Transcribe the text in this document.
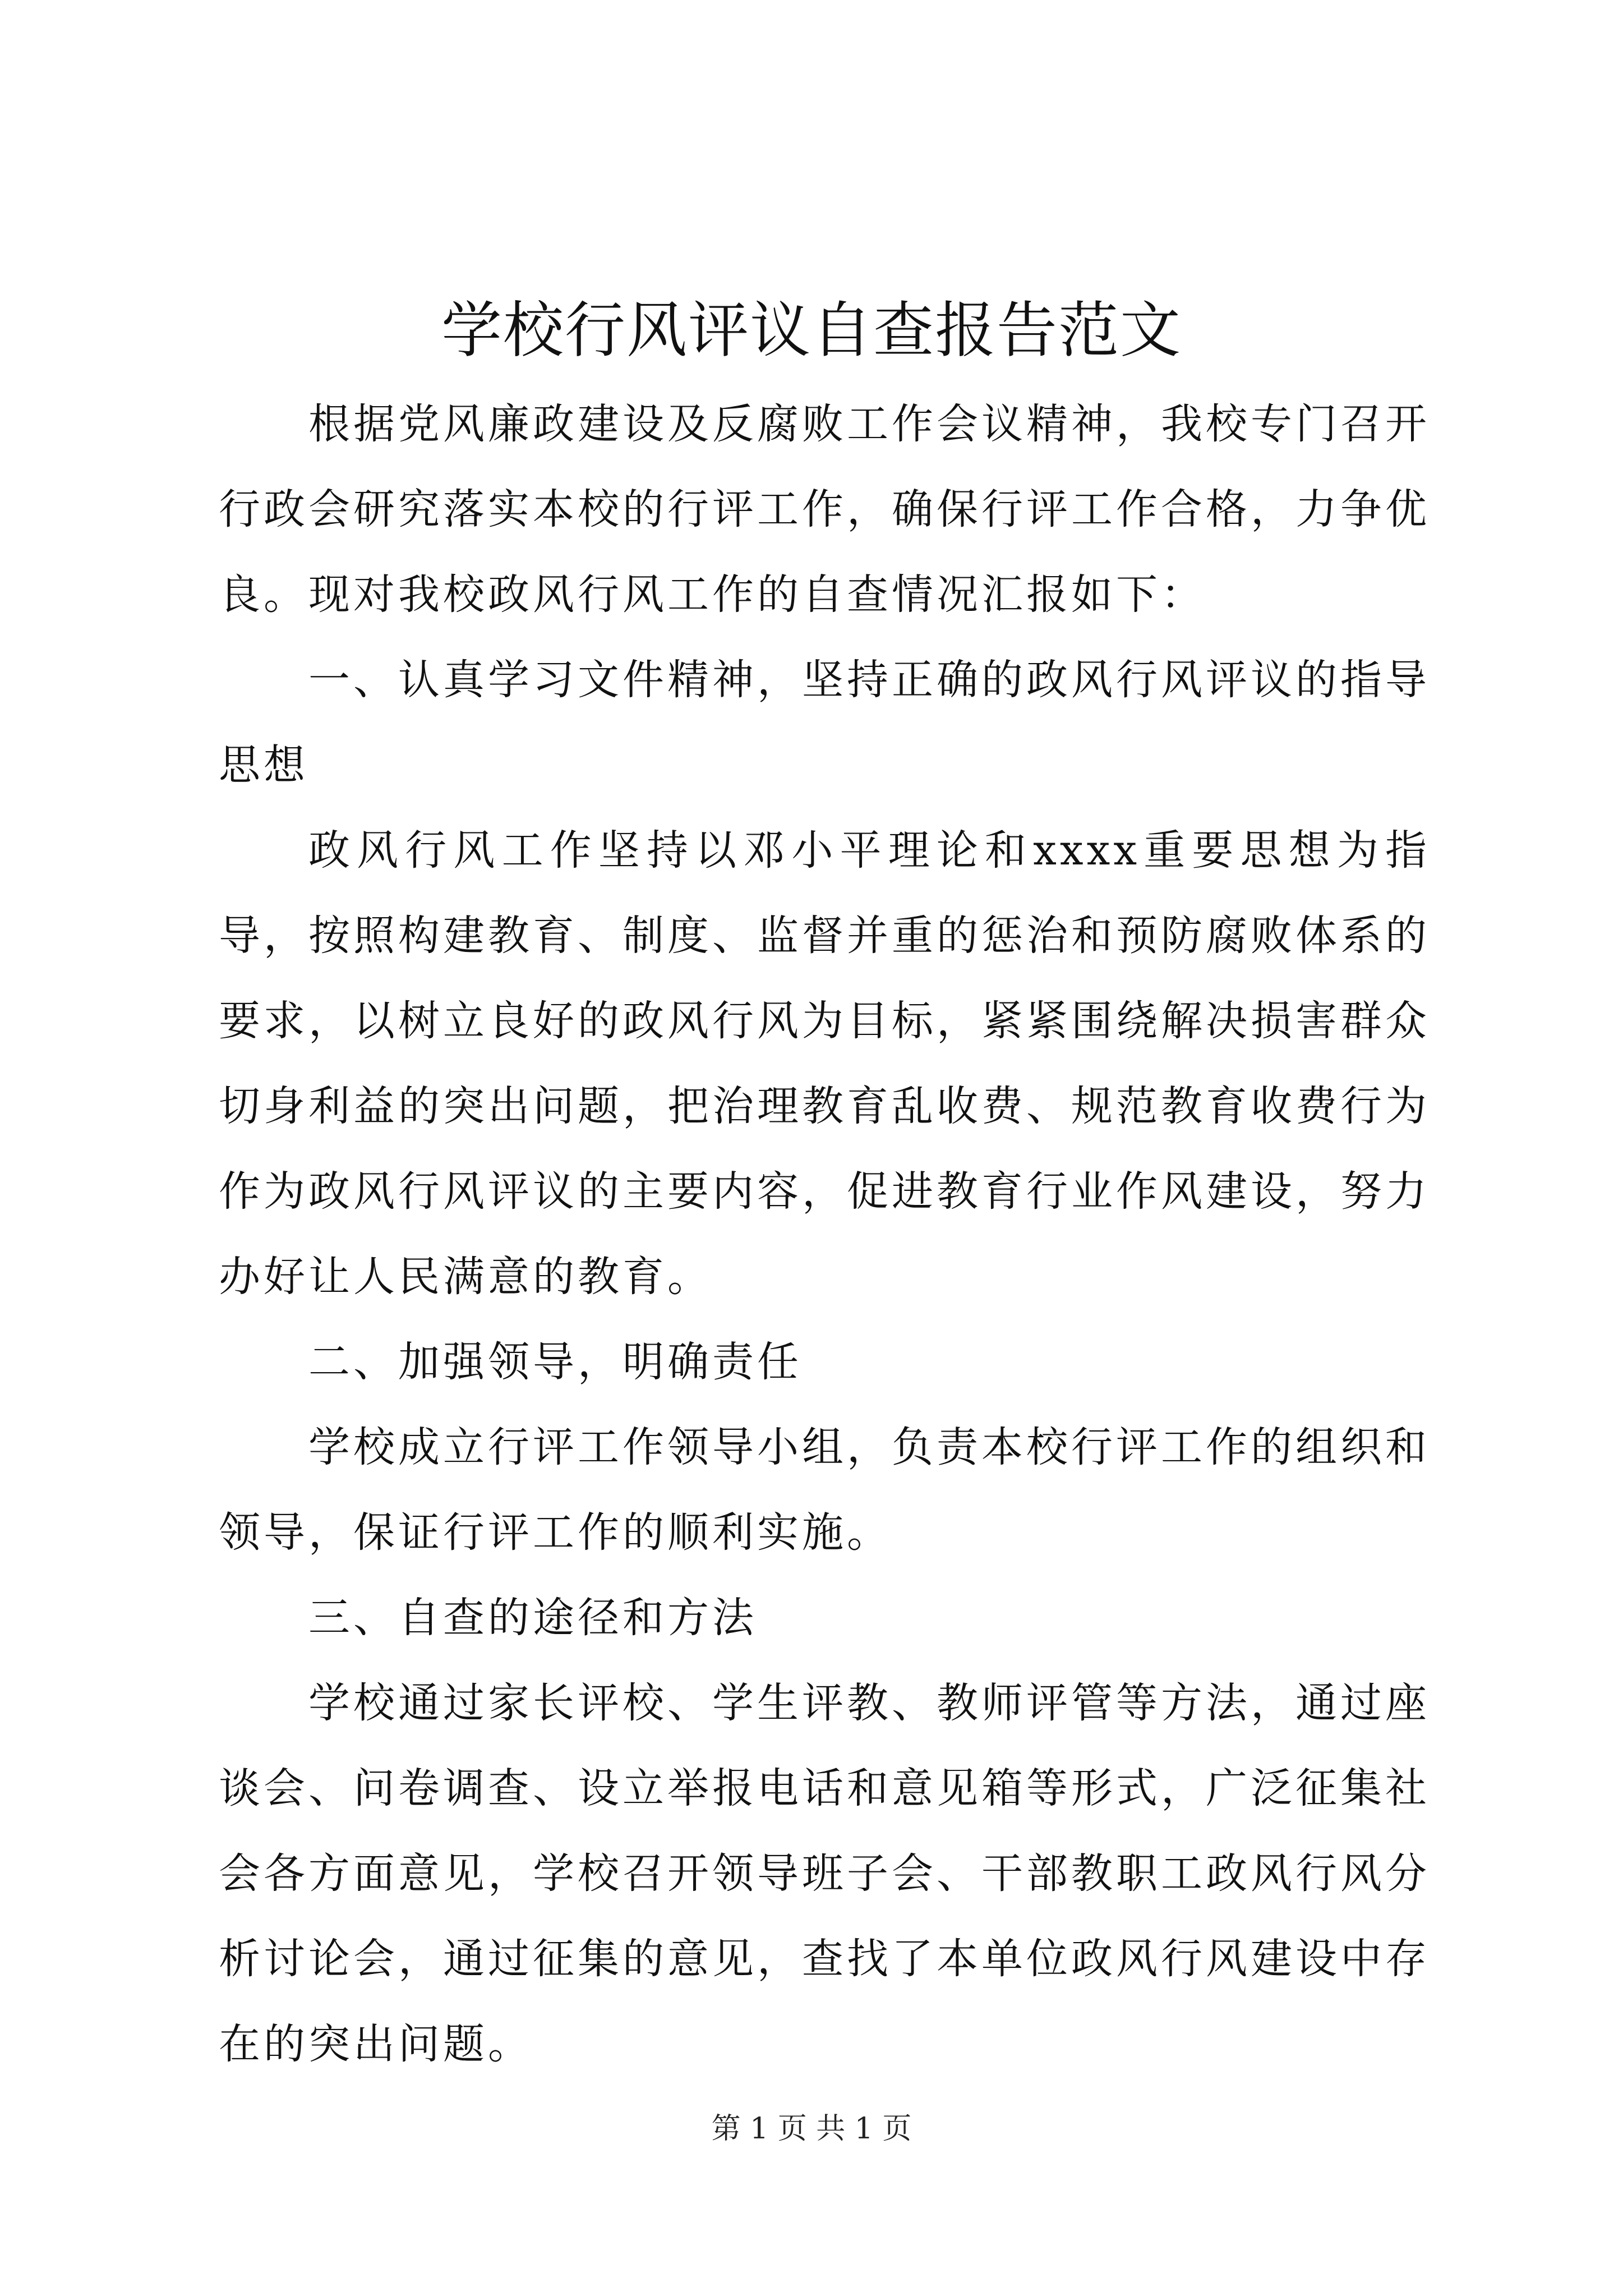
学校行风评议自查报告范文

根据党风廉政建设及反腐败工作会议精神，我校专门召开行政会研究落实本校的行评工作，确保行评工作合格，力争优良。现对我校政风行风工作的自查情况汇报如下：

一、认真学习文件精神，坚持正确的政风行风评议的指导思想

政风行风工作坚持以邓小平理论和xxxx重要思想为指导，按照构建教育、制度、监督并重的惩治和预防腐败体系的要求，以树立良好的政风行风为目标，紧紧围绕解决损害群众切身利益的突出问题，把治理教育乱收费、规范教育收费行为作为政风行风评议的主要内容，促进教育行业作风建设，努力办好让人民满意的教育。

二、加强领导，明确责任

学校成立行评工作领导小组，负责本校行评工作的组织和领导，保证行评工作的顺利实施。

三、自查的途径和方法

学校通过家长评校、学生评教、教师评管等方法，通过座谈会、问卷调查、设立举报电话和意见箱等形式，广泛征集社会各方面意见，学校召开领导班子会、干部教职工政风行风分析讨论会，通过征集的意见，查找了本单位政风行风建设中存在的突出问题。

第 1 页 共 1 页
